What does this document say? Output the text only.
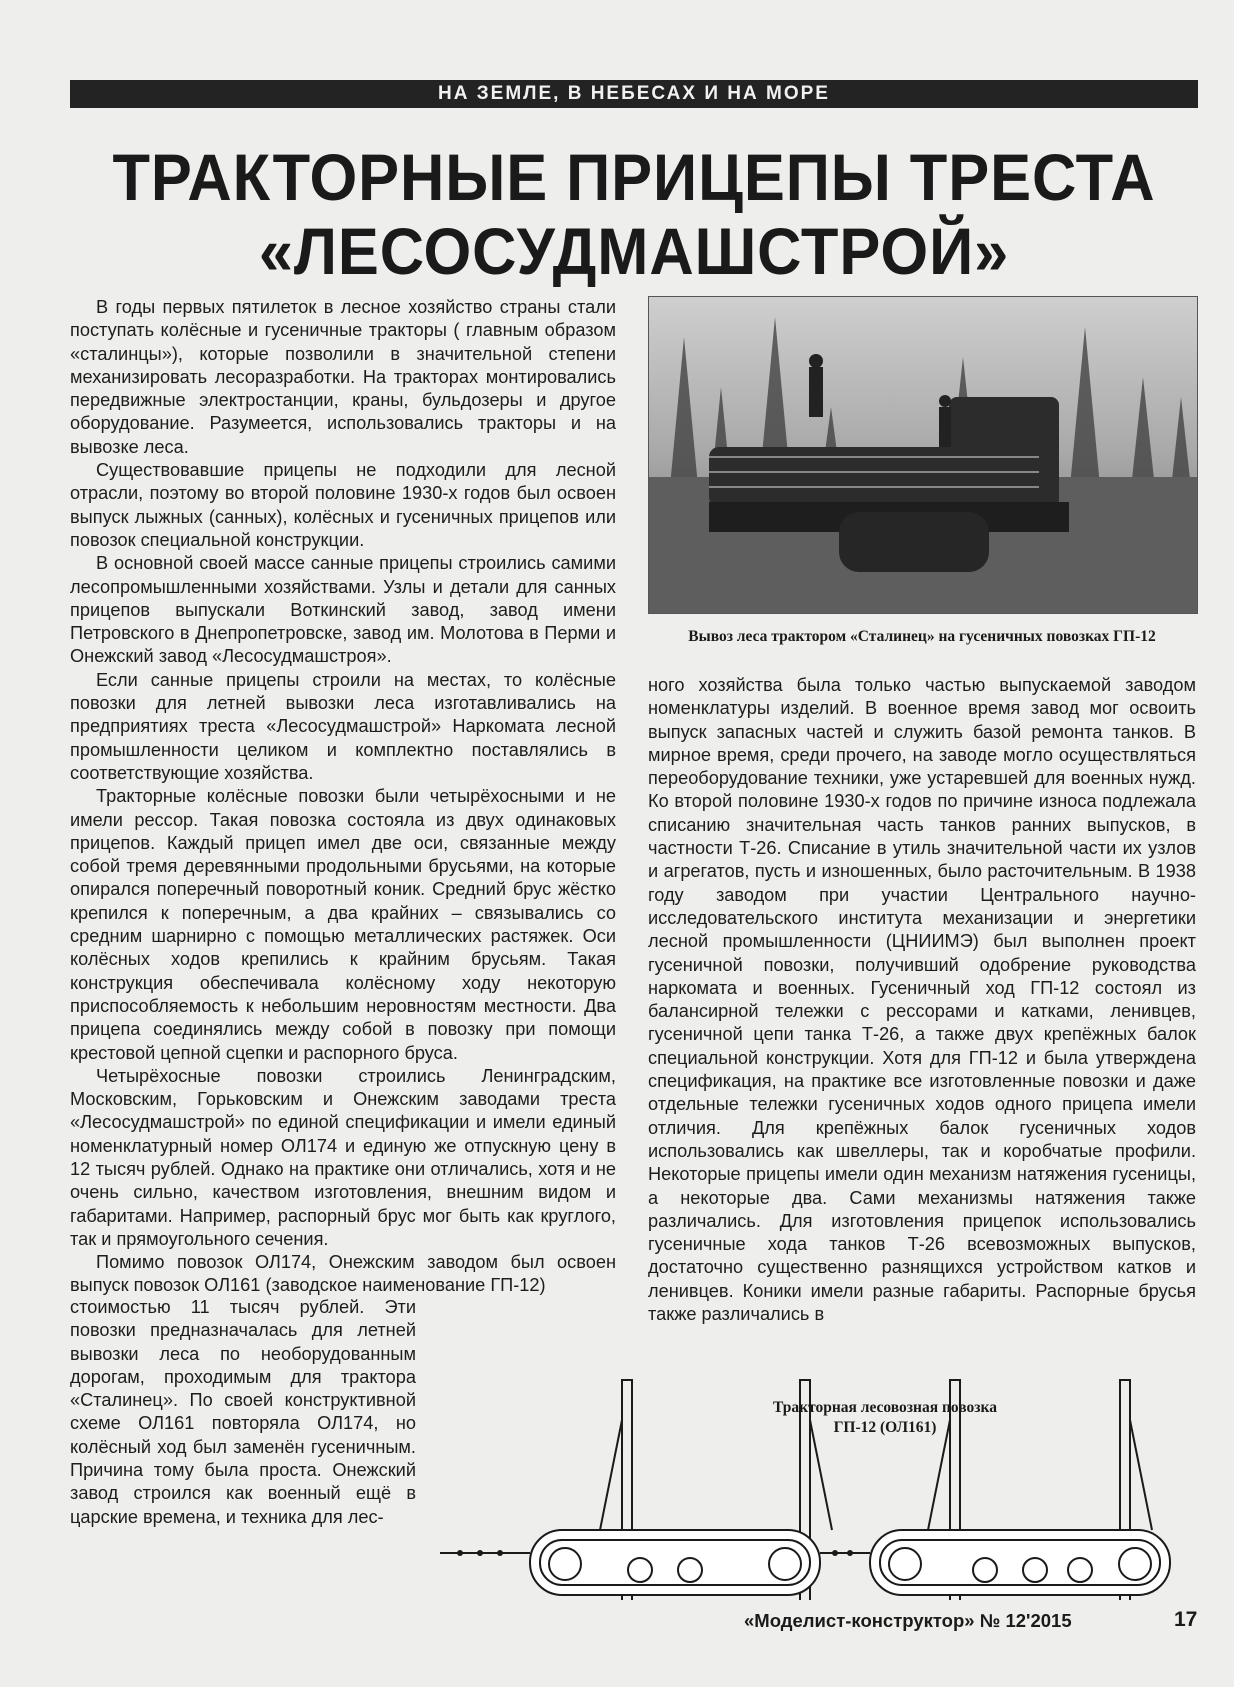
НА ЗЕМЛЕ, В НЕБЕСАХ И НА МОРЕ
ТРАКТОРНЫЕ ПРИЦЕПЫ ТРЕСТА
«ЛЕСОСУДМАШСТРОЙ»

В годы первых пятилеток в лесное хозяйство страны стали поступать колёсные и гусеничные тракторы ( главным образом «сталинцы»), которые позволили в значительной степени механизировать лесоразработки. На тракторах монтировались передвижные электростанции, краны, бульдозеры и другое оборудование. Разумеется, использовались тракторы и на вывозке леса.

Существовавшие прицепы не подходили для лесной отрасли, поэтому во второй половине 1930-х годов был освоен выпуск лыжных (санных), колёсных и гусеничных прицепов или повозок специальной конструкции.

В основной своей массе санные прицепы строились самими лесопромышленными хозяйствами. Узлы и детали для санных прицепов выпускали Воткинский завод, завод имени Петровского в Днепропетровске, завод им. Молотова в Перми и Онежский завод «Лесосудмашстроя».

Если санные прицепы строили на местах, то колёсные повозки для летней вывозки леса изготавливались на предприятиях треста «Лесосудмашстрой» Наркомата лесной промышленности целиком и комплектно поставлялись в соответствующие хозяйства.

Тракторные колёсные повозки были четырёхосными и не имели рессор. Такая повозка состояла из двух одинаковых прицепов. Каждый прицеп имел две оси, связанные между собой тремя деревянными продольными брусьями, на которые опирался поперечный поворотный коник. Средний брус жёстко крепился к поперечным, а два крайних – связывались со средним шарнирно с помощью металлических растяжек. Оси колёсных ходов крепились к крайним брусьям. Такая конструкция обеспечивала колёсному ходу некоторую приспособляемость к небольшим неровностям местности. Два прицепа соединялись между собой в повозку при помощи крестовой цепной сцепки и распорного бруса.

Четырёхосные повозки строились Ленинградским, Московским, Горьковским и Онежским заводами треста «Лесосудмашстрой» по единой спецификации и имели единый номенклатурный номер ОЛ174 и единую же отпускную цену в 12 тысяч рублей. Однако на практике они отличались, хотя и не очень сильно, качеством изготовления, внешним видом и габаритами. Например, распорный брус мог быть как круглого, так и прямоугольного сечения.

Помимо повозок ОЛ174, Онежским заводом был освоен выпуск повозок ОЛ161 (заводское наименование ГП-12)

стоимостью 11 тысяч рублей. Эти повозки предназначалась для летней вывозки леса по необорудованным дорогам, проходимым для трактора «Сталинец». По своей конструктивной схеме ОЛ161 повторяла ОЛ174, но колёсный ход был заменён гусеничным. Причина тому была проста. Онежский завод строился как военный ещё в царские времена, и техника для лес-

Вывоз леса трактором «Сталинец» на гусеничных повозках ГП-12

ного хозяйства была только частью выпускаемой заводом номенклатуры изделий. В военное время завод мог освоить выпуск запасных частей и служить базой ремонта танков. В мирное время, среди прочего, на заводе могло осуществляться переоборудование техники, уже устаревшей для военных нужд. Ко второй половине 1930-х годов по причине износа подлежала списанию значительная часть танков ранних выпусков, в частности Т-26. Списание в утиль значительной части их узлов и агрегатов, пусть и изношенных, было расточительным. В 1938 году заводом при участии Центрального научно-исследовательского института механизации и энергетики лесной промышленности (ЦНИИМЭ) был выполнен проект гусеничной повозки, получивший одобрение руководства наркомата и военных. Гусеничный ход ГП-12 состоял из балансирной тележки с рессорами и катками, ленивцев, гусеничной цепи танка Т-26, а также двух крепёжных балок специальной конструкции. Хотя для ГП-12 и была утверждена спецификация, на практике все изготовленные повозки и даже отдельные тележки гусеничных ходов одного прицепа имели отличия. Для крепёжных балок гусеничных ходов использовались как швеллеры, так и коробчатые профили. Некоторые прицепы имели один механизм натяжения гусеницы, а некоторые два. Сами механизмы натяжения также различались. Для изготовления прицепок использовались гусеничные хода танков Т-26 всевозможных выпусков, достаточно существенно разнящихся устройством катков и ленивцев. Коники имели разные габариты. Распорные брусья также различались в

Тракторная лесовозная повозка
ГП-12 (ОЛ161)
«Моделист-конструктор» № 12'2015	17
